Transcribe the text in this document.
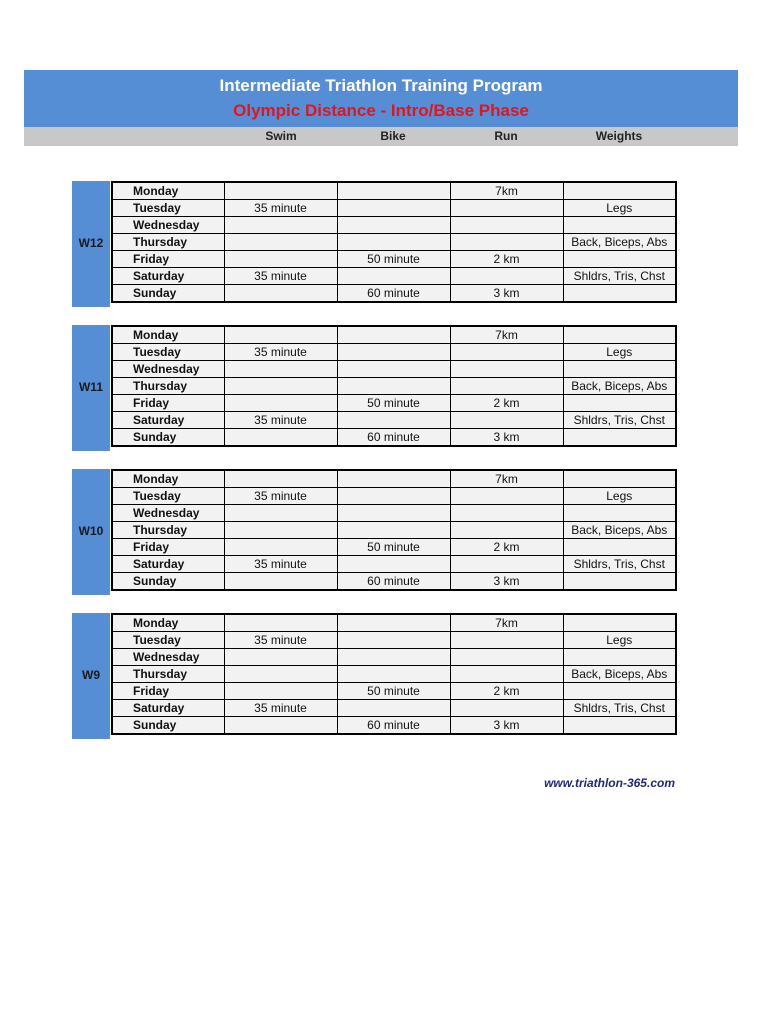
Intermediate Triathlon Training Program
Olympic Distance - Intro/Base Phase
Swim	Bike	Run	Weights
W12
Monday			7km	
Tuesday	35 minute			Legs
Wednesday				
Thursday				Back, Biceps, Abs
Friday		50 minute	2 km	
Saturday	35 minute			Shldrs, Tris, Chst
Sunday		60 minute	3 km	
W11
Monday			7km	
Tuesday	35 minute			Legs
Wednesday				
Thursday				Back, Biceps, Abs
Friday		50 minute	2 km	
Saturday	35 minute			Shldrs, Tris, Chst
Sunday		60 minute	3 km	
W10
Monday			7km	
Tuesday	35 minute			Legs
Wednesday				
Thursday				Back, Biceps, Abs
Friday		50 minute	2 km	
Saturday	35 minute			Shldrs, Tris, Chst
Sunday		60 minute	3 km	
W9
Monday			7km	
Tuesday	35 minute			Legs
Wednesday				
Thursday				Back, Biceps, Abs
Friday		50 minute	2 km	
Saturday	35 minute			Shldrs, Tris, Chst
Sunday		60 minute	3 km	
www.triathlon-365.com
